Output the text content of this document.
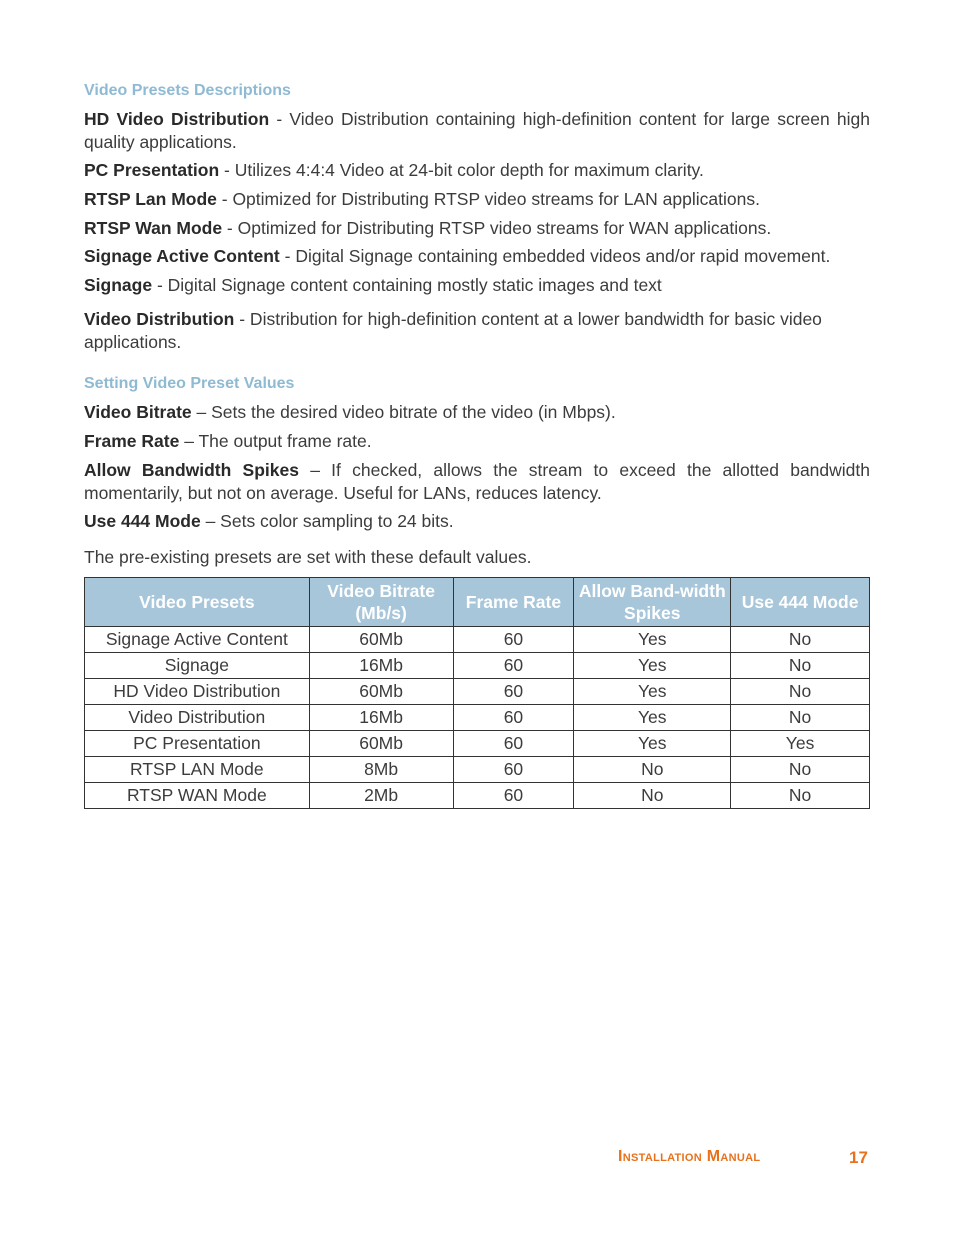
Video Presets Descriptions

HD Video Distribution - Video Distribution containing high-definition content for large screen high quality applications.

PC Presentation - Utilizes 4:4:4 Video at 24-bit color depth for maximum clarity.

RTSP Lan Mode - Optimized for Distributing RTSP video streams for LAN applications.

RTSP Wan Mode - Optimized for Distributing RTSP video streams for WAN applications.

Signage Active Content - Digital Signage containing embedded videos and/or rapid movement.

Signage - Digital Signage content containing mostly static images and text

Video Distribution - Distribution for high-definition content at a lower bandwidth for basic video applications.

Setting Video Preset Values

Video Bitrate – Sets the desired video bitrate of the video (in Mbps).

Frame Rate – The output frame rate.

Allow Bandwidth Spikes – If checked, allows the stream to exceed the allotted bandwidth momentarily, but not on average. Useful for LANs, reduces latency.

Use 444 Mode – Sets color sampling to 24 bits.

The pre-existing presets are set with these default values.

Video Presets	Video Bitrate (Mb/s)	Frame Rate	Allow Band-width Spikes	Use 444 Mode
Signage Active Content	60Mb	60	Yes	No
Signage	16Mb	60	Yes	No
HD Video Distribution	60Mb	60	Yes	No
Video Distribution	16Mb	60	Yes	No
PC Presentation	60Mb	60	Yes	Yes
RTSP LAN Mode	8Mb	60	No	No
RTSP WAN Mode	2Mb	60	No	No
Installation Manual	17
